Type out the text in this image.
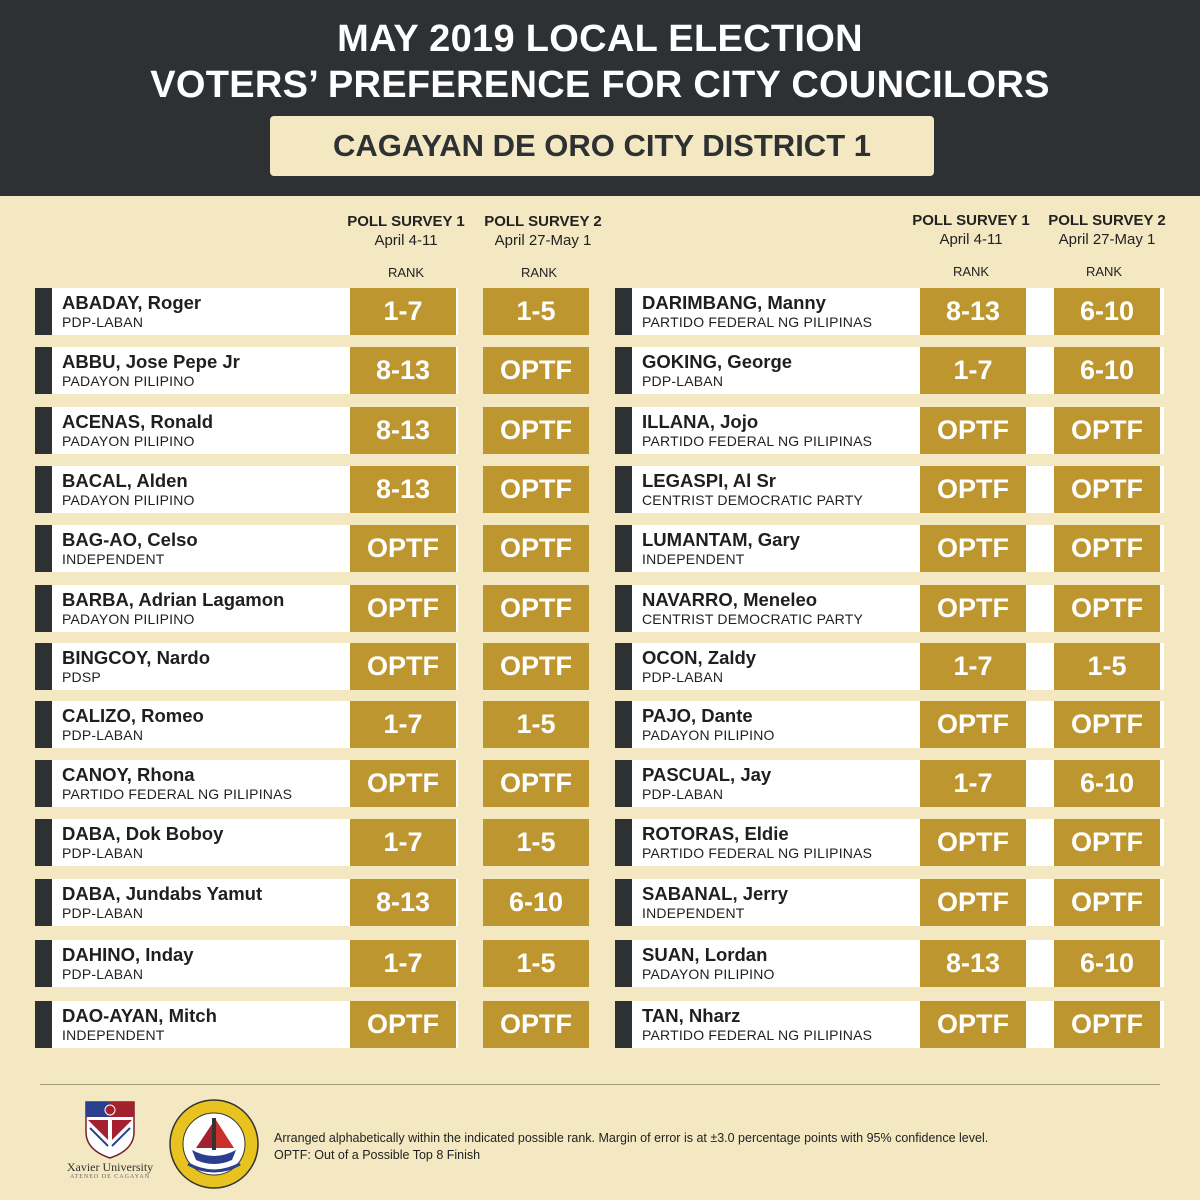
MAY 2019 LOCAL ELECTION
VOTERS’ PREFERENCE FOR CITY COUNCILORS
CAGAYAN DE ORO CITY DISTRICT 1
POLL SURVEY 1
April 4-11
POLL SURVEY 2
April 27-May 1
RANK	RANK
POLL SURVEY 1
April 4-11
POLL SURVEY 2
April 27-May 1
RANK	RANK
ABADAY, Roger
PDP-LABAN	1-7	1-5
ABBU, Jose Pepe Jr
PADAYON PILIPINO	8-13	OPTF
ACENAS, Ronald
PADAYON PILIPINO	8-13	OPTF
BACAL, Alden
PADAYON PILIPINO	8-13	OPTF
BAG-AO, Celso
INDEPENDENT	OPTF	OPTF
BARBA, Adrian Lagamon
PADAYON PILIPINO	OPTF	OPTF
BINGCOY, Nardo
PDSP	OPTF	OPTF
CALIZO, Romeo
PDP-LABAN	1-7	1-5
CANOY, Rhona
PARTIDO FEDERAL NG PILIPINAS	OPTF	OPTF
DABA, Dok Boboy
PDP-LABAN	1-7	1-5
DABA, Jundabs Yamut
PDP-LABAN	8-13	6-10
DAHINO, Inday
PDP-LABAN	1-7	1-5
DAO-AYAN, Mitch
INDEPENDENT	OPTF	OPTF
DARIMBANG, Manny
PARTIDO FEDERAL NG PILIPINAS	8-13	6-10
GOKING, George
PDP-LABAN	1-7	6-10
ILLANA, Jojo
PARTIDO FEDERAL NG PILIPINAS	OPTF	OPTF
LEGASPI, Al Sr
CENTRIST DEMOCRATIC PARTY	OPTF	OPTF
LUMANTAM, Gary
INDEPENDENT	OPTF	OPTF
NAVARRO, Meneleo
CENTRIST DEMOCRATIC PARTY	OPTF	OPTF
OCON, Zaldy
PDP-LABAN	1-7	1-5
PAJO, Dante
PADAYON PILIPINO	OPTF	OPTF
PASCUAL, Jay
PDP-LABAN	1-7	6-10
ROTORAS, Eldie
PARTIDO FEDERAL NG PILIPINAS	OPTF	OPTF
SABANAL, Jerry
INDEPENDENT	OPTF	OPTF
SUAN, Lordan
PADAYON PILIPINO	8-13	6-10
TAN, Nharz
PARTIDO FEDERAL NG PILIPINAS	OPTF	OPTF
Xavier University
ATENEO DE CAGAYAN
Arranged alphabetically within the indicated possible rank. Margin of error is at ±3.0 percentage points with 95% confidence level.
OPTF: Out of a Possible Top 8 Finish
